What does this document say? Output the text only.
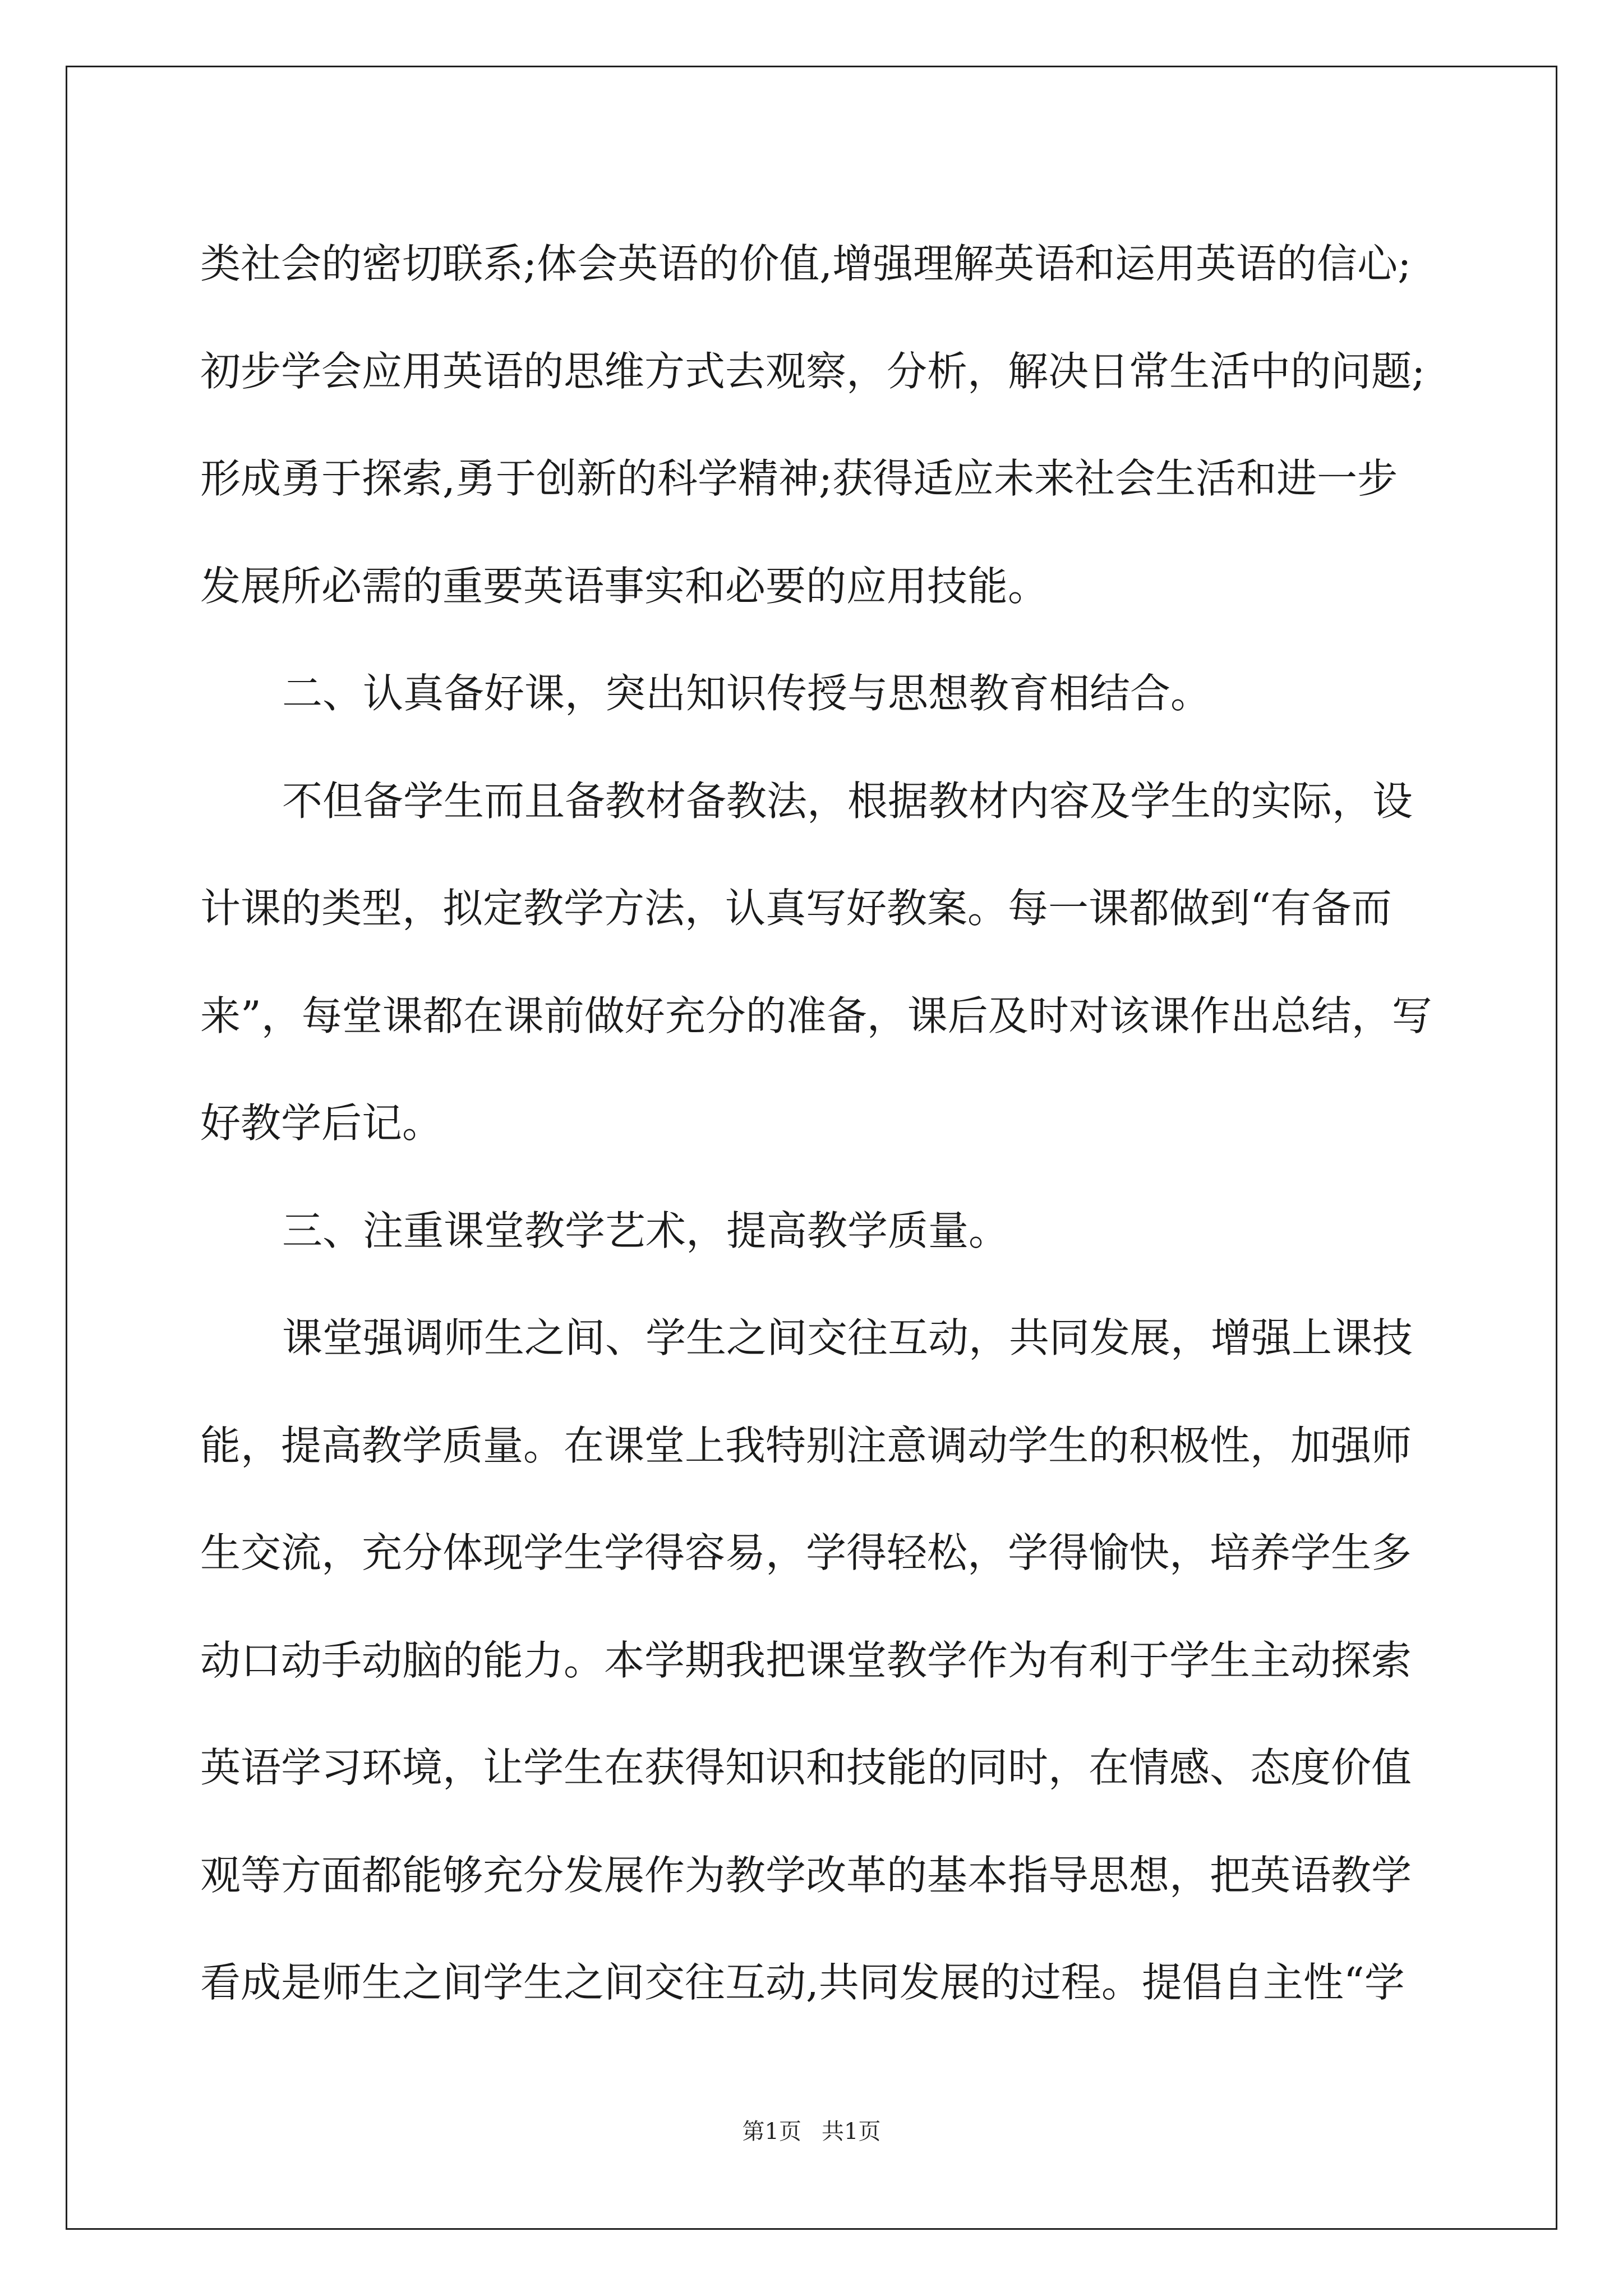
类社会的密切联系;体会英语的价值,增强理解英语和运用英语的信心;
初步学会应用英语的思维方式去观察，分析，解决日常生活中的问题;
形成勇于探索,勇于创新的科学精神;获得适应未来社会生活和进一步
发展所必需的重要英语事实和必要的应用技能。
二、认真备好课，突出知识传授与思想教育相结合。
不但备学生而且备教材备教法，根据教材内容及学生的实际，设
计课的类型，拟定教学方法，认真写好教案。每一课都做到“有备而
来”，每堂课都在课前做好充分的准备，课后及时对该课作出总结，写
好教学后记。
三、注重课堂教学艺术，提高教学质量。
课堂强调师生之间、学生之间交往互动，共同发展，增强上课技
能，提高教学质量。在课堂上我特别注意调动学生的积极性，加强师
生交流，充分体现学生学得容易，学得轻松，学得愉快，培养学生多
动口动手动脑的能力。本学期我把课堂教学作为有利于学生主动探索
英语学习环境，让学生在获得知识和技能的同时，在情感、态度价值
观等方面都能够充分发展作为教学改革的基本指导思想，把英语教学
看成是师生之间学生之间交往互动,共同发展的过程。提倡自主性“学
第1页 共1页
